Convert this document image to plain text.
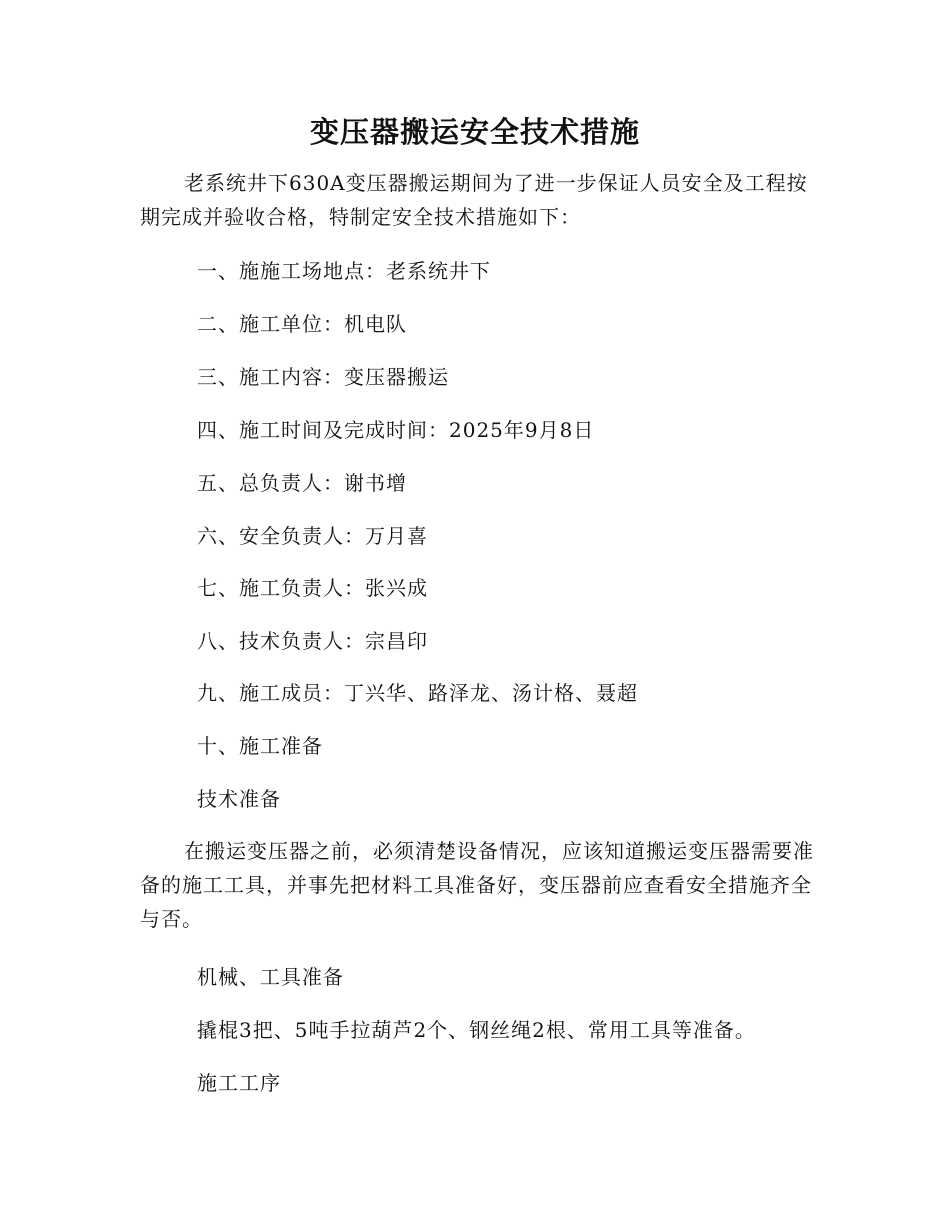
变压器搬运安全技术措施

老系统井下630A变压器搬运期间为了进一步保证人员安全及工程按期完成并验收合格，特制定安全技术措施如下：

一、施施工场地点：老系统井下

二、施工单位：机电队

三、施工内容：变压器搬运

四、施工时间及完成时间：2025年9月8日

五、总负责人：谢书增

六、安全负责人：万月喜

七、施工负责人：张兴成

八、技术负责人：宗昌印

九、施工成员：丁兴华、路泽龙、汤计格、聂超

十、施工准备

技术准备

在搬运变压器之前，必须清楚设备情况，应该知道搬运变压器需要准备的施工工具，并事先把材料工具准备好，变压器前应查看安全措施齐全与否。

机械、工具准备

撬棍3把、5吨手拉葫芦2个、钢丝绳2根、常用工具等准备。

施工工序
